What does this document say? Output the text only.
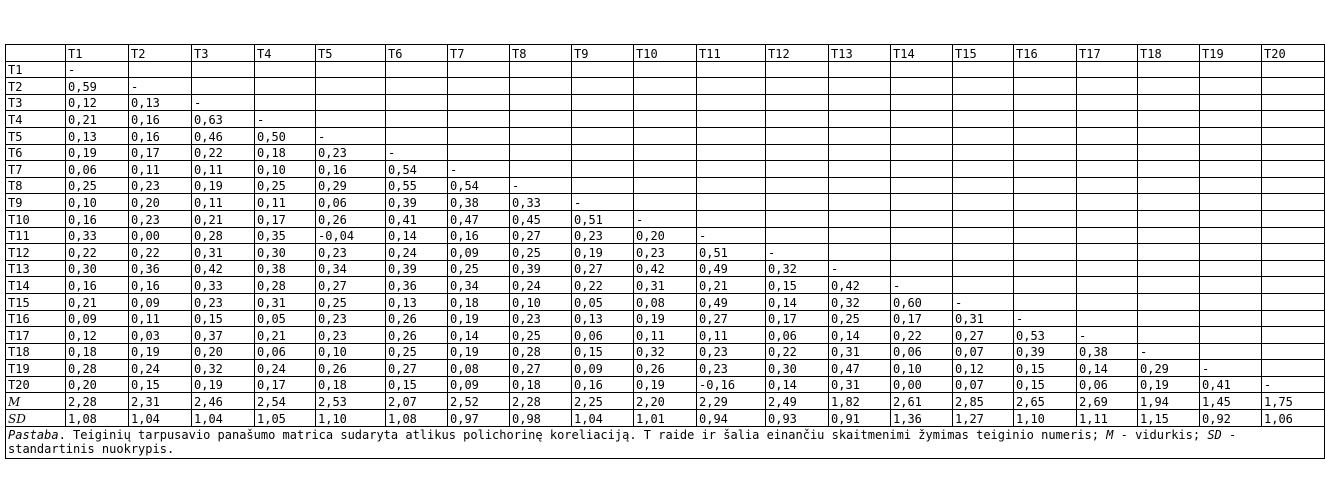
	T1	T2	T3	T4	T5	T6	T7	T8	T9	T10	T11	T12	T13	T14	T15	T16	T17	T18	T19	T20
T1	-																			
T2	0,59	-																		
T3	0,12	0,13	-																	
T4	0,21	0,16	0,63	-																
T5	0,13	0,16	0,46	0,50	-															
T6	0,19	0,17	0,22	0,18	0,23	-														
T7	0,06	0,11	0,11	0,10	0,16	0,54	-													
T8	0,25	0,23	0,19	0,25	0,29	0,55	0,54	-												
T9	0,10	0,20	0,11	0,11	0,06	0,39	0,38	0,33	-											
T10	0,16	0,23	0,21	0,17	0,26	0,41	0,47	0,45	0,51	-										
T11	0,33	0,00	0,28	0,35	-0,04	0,14	0,16	0,27	0,23	0,20	-									
T12	0,22	0,22	0,31	0,30	0,23	0,24	0,09	0,25	0,19	0,23	0,51	-								
T13	0,30	0,36	0,42	0,38	0,34	0,39	0,25	0,39	0,27	0,42	0,49	0,32	-							
T14	0,16	0,16	0,33	0,28	0,27	0,36	0,34	0,24	0,22	0,31	0,21	0,15	0,42	-						
T15	0,21	0,09	0,23	0,31	0,25	0,13	0,18	0,10	0,05	0,08	0,49	0,14	0,32	0,60	-					
T16	0,09	0,11	0,15	0,05	0,23	0,26	0,19	0,23	0,13	0,19	0,27	0,17	0,25	0,17	0,31	-				
T17	0,12	0,03	0,37	0,21	0,23	0,26	0,14	0,25	0,06	0,11	0,11	0,06	0,14	0,22	0,27	0,53	-			
T18	0,18	0,19	0,20	0,06	0,10	0,25	0,19	0,28	0,15	0,32	0,23	0,22	0,31	0,06	0,07	0,39	0,38	-		
T19	0,28	0,24	0,32	0,24	0,26	0,27	0,08	0,27	0,09	0,26	0,23	0,30	0,47	0,10	0,12	0,15	0,14	0,29	-	
T20	0,20	0,15	0,19	0,17	0,18	0,15	0,09	0,18	0,16	0,19	-0,16	0,14	0,31	0,00	0,07	0,15	0,06	0,19	0,41	-
M	2,28	2,31	2,46	2,54	2,53	2,07	2,52	2,28	2,25	2,20	2,29	2,49	1,82	2,61	2,85	2,65	2,69	1,94	1,45	1,75
SD	1,08	1,04	1,04	1,05	1,10	1,08	0,97	0,98	1,04	1,01	0,94	0,93	0,91	1,36	1,27	1,10	1,11	1,15	0,92	1,06
Pastaba. Teiginių tarpusavio panašumo matrica sudaryta atlikus polichorinę koreliaciją. T raide ir šalia einančiu skaitmenimi žymimas teiginio numeris; M - vidurkis; SD - standartinis nuokrypis.																				
